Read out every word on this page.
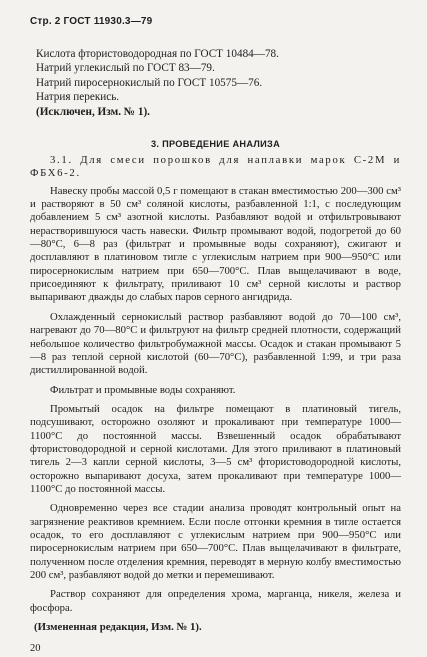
Стр. 2 ГОСТ 11930.3—79
Кислота фтористоводородная по ГОСТ 10484—78.
Натрий углекислый по ГОСТ 83—79.
Натрий пиросернокислый по ГОСТ 10575—76.
Натрия перекись.
(Исключен, Изм. № 1).
3. ПРОВЕДЕНИЕ АНАЛИЗА

3.1. Для смеси порошков для наплавки марок С-2М и ФБХ6-2.

Навеску пробы массой 0,5 г помещают в стакан вместимостью 200—300 см³ и растворяют в 50 см³ соляной кислоты, разбавленной 1:1, с последующим добавлением 5 см³ азотной кислоты. Разбавляют водой и отфильтровывают нерастворившуюся часть навески. Фильтр промывают водой, подогретой до 60—80°С, 6—8 раз (фильтрат и промывные воды сохраняют), сжигают и досплавляют в платиновом тигле с углекислым натрием при 900—950°С или пиросернокислым натрием при 650—700°С. Плав выщелачивают в воде, присоединяют к фильтрату, приливают 10 см³ серной кислоты и раствор выпаривают дважды до слабых паров серного ангидрида.

Охлажденный сернокислый раствор разбавляют водой до 70—100 см³, нагревают до 70—80°С и фильтруют на фильтр средней плотности, содержащий небольшое количество фильтробумажной массы. Осадок и стакан промывают 5—8 раз теплой серной кислотой (60—70°С), разбавленной 1:99, и три раза дистиллированной водой.

Фильтрат и промывные воды сохраняют.

Промытый осадок на фильтре помещают в платиновый тигель, подсушивают, осторожно озоляют и прокаливают при температуре 1000—1100°С до постоянной массы. Взвешенный осадок обрабатывают фтористоводородной и серной кислотами. Для этого приливают в платиновый тигель 2—3 капли серной кислоты, 3—5 см³ фтористоводородной кислоты, осторожно выпаривают досуха, затем прокаливают при температуре 1000—1100°С до постоянной массы.

Одновременно через все стадии анализа проводят контрольный опыт на загрязнение реактивов кремнием. Если после отгонки кремния в тигле остается осадок, то его досплавляют с углекислым натрием при 900—950°С или пиросернокислым натрием при 650—700°С. Плав выщелачивают в фильтрате, полученном после отделения кремния, переводят в мерную колбу вместимостью 200 см³, разбавляют водой до метки и перемешивают.

Раствор сохраняют для определения хрома, марганца, никеля, железа и фосфора.

(Измененная редакция, Изм. № 1).
20
